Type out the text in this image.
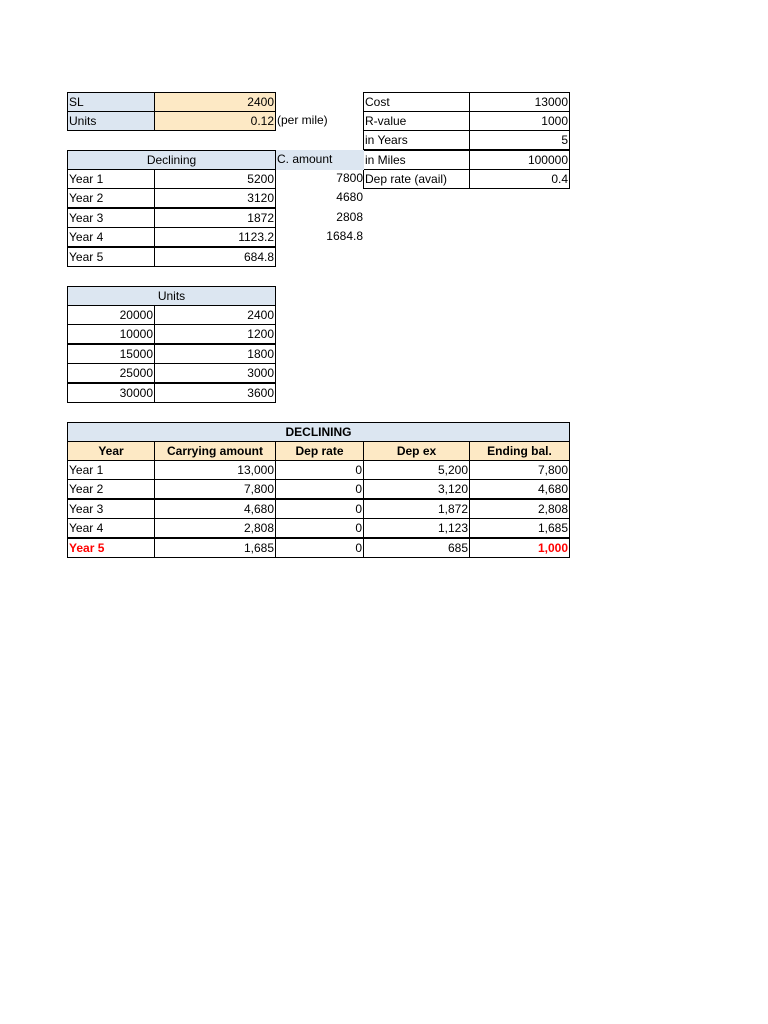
SL	2400
Units	0.12 (per mile)
Cost	13000
R-value	1000
in Years	5
in Miles	100000
Dep rate (avail)	0.4
Declining	C. amount
Year 1	5200	7800
Year 2	3120	4680
Year 3	1872	2808
Year 4	1123.2	1684.8
Year 5	684.8
Units
20000	2400
10000	1200
15000	1800
25000	3000
30000	3600
DECLINING
Year	Carrying amount	Dep rate	Dep ex	Ending bal.
Year 1	13,000	0	5,200	7,800
Year 2	7,800	0	3,120	4,680
Year 3	4,680	0	1,872	2,808
Year 4	2,808	0	1,123	1,685
Year 5	1,685	0	685	1,000
